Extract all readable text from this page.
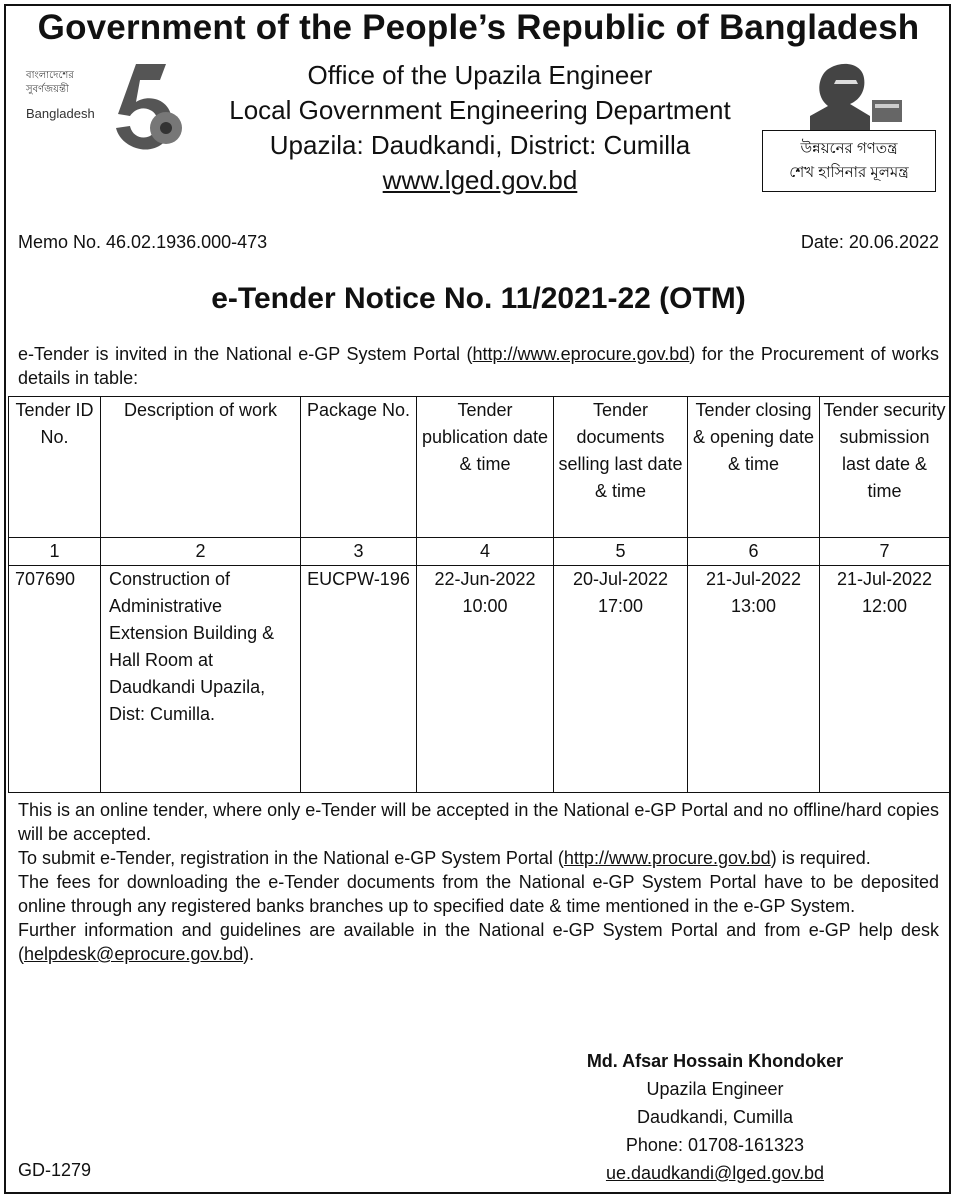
Government of the People’s Republic of Bangladesh
বাংলাদেশের
সুবর্ণজয়ন্তী
Bangladesh
Office of the Upazila Engineer
Local Government Engineering Department
Upazila: Daudkandi, District: Cumilla
www.lged.gov.bd
উন্নয়নের গণতন্ত্র
শেখ হাসিনার মূলমন্ত্র
Memo No. 46.02.1936.000-473	Date: 20.06.2022
e-Tender Notice No. 11/2021-22 (OTM)
e-Tender is invited in the National e-GP System Portal (http://www.eprocure.gov.bd) for the Procurement of works details in table:
Tender ID No.	Description of work	Package No.	Tender publication date & time	Tender documents selling last date & time	Tender closing & opening date & time	Tender security submission last date & time
1	2	3	4	5	6	7
707690	Construction of Administrative Extension Building & Hall Room at Daudkandi Upazila, Dist: Cumilla.	EUCPW-196	22-Jun-2022 10:00	20-Jul-2022 17:00	21-Jul-2022 13:00	21-Jul-2022 12:00

This is an online tender, where only e-Tender will be accepted in the National e-GP Portal and no offline/hard copies will be accepted.

To submit e-Tender, registration in the National e-GP System Portal (http://www.procure.gov.bd) is required.

The fees for downloading the e-Tender documents from the National e-GP System Portal have to be deposited online through any registered banks branches up to specified date & time mentioned in the e-GP System.

Further information and guidelines are available in the National e-GP System Portal and from e-GP help desk (helpdesk@eprocure.gov.bd).

Md. Afsar Hossain Khondoker
Upazila Engineer
Daudkandi, Cumilla
Phone: 01708-161323
ue.daudkandi@lged.gov.bd
GD-1279
